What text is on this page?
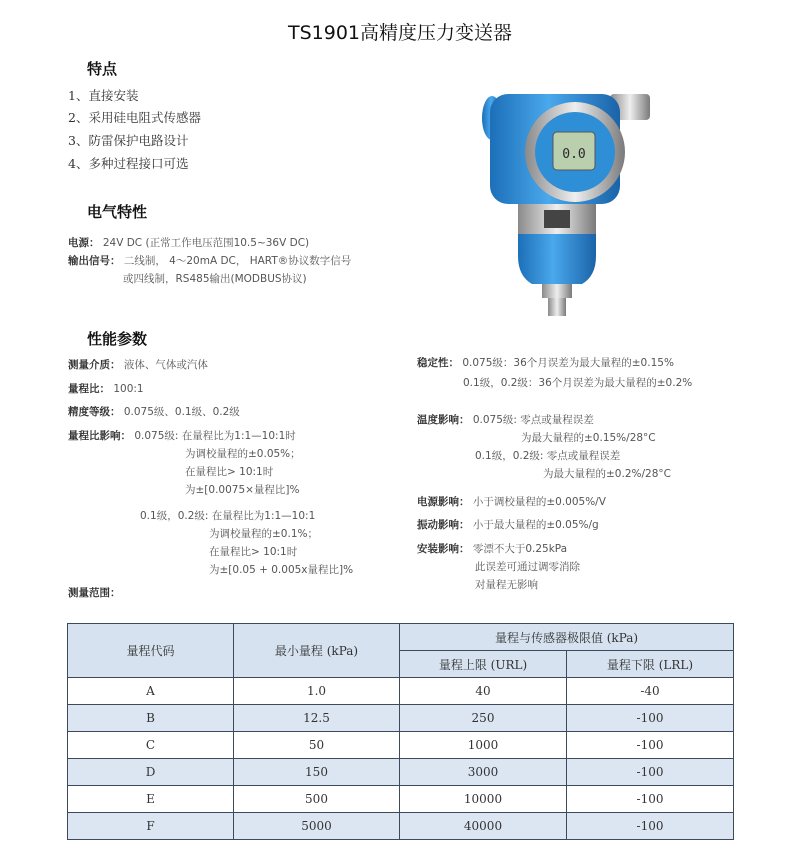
TS1901高精度压力变送器
特点
1、直接安装
2、采用硅电阻式传感器
3、防雷保护电路设计
4、多种过程接口可选
电气特性
电源： 24V DC (正常工作电压范围10.5~36V DC)
输出信号： 二线制， 4～20mA DC， HART®协议数字信号
或四线制，RS485输出(MODBUS协议)
0.0
性能参数
测量介质： 液体、气体或汽体
量程比： 100:1
精度等级： 0.075级、0.1级、0.2级
量程比影响： 0.075级: 在量程比为1:1—10:1时
为调校量程的±0.05%；
在量程比> 10:1时
为±[0.0075×量程比]%
0.1级，0.2级: 在量程比为1:1—10:1
为调校量程的±0.1%；
在量程比> 10:1时
为±[0.05 + 0.005x量程比]%
测量范围：
稳定性： 0.075级：36个月误差为最大量程的±0.15%
0.1级，0.2级：36个月误差为最大量程的±0.2%
温度影响： 0.075级: 零点或量程误差
为最大量程的±0.15%/28°C
0.1级，0.2级: 零点或量程误差
为最大量程的±0.2%/28°C
电源影响： 小于调校量程的±0.005%/V
振动影响： 小于最大量程的±0.05%/g
安装影响： 零漂不大于0.25kPa
此误差可通过调零消除
对量程无影响
量程代码	最小量程 (kPa)	量程与传感器极限值 (kPa)	
		量程上限 (URL)	量程下限 (LRL)
A	1.0	40	-40
B	12.5	250	-100
C	50	1000	-100
D	150	3000	-100
E	500	10000	-100
F	5000	40000	-100
